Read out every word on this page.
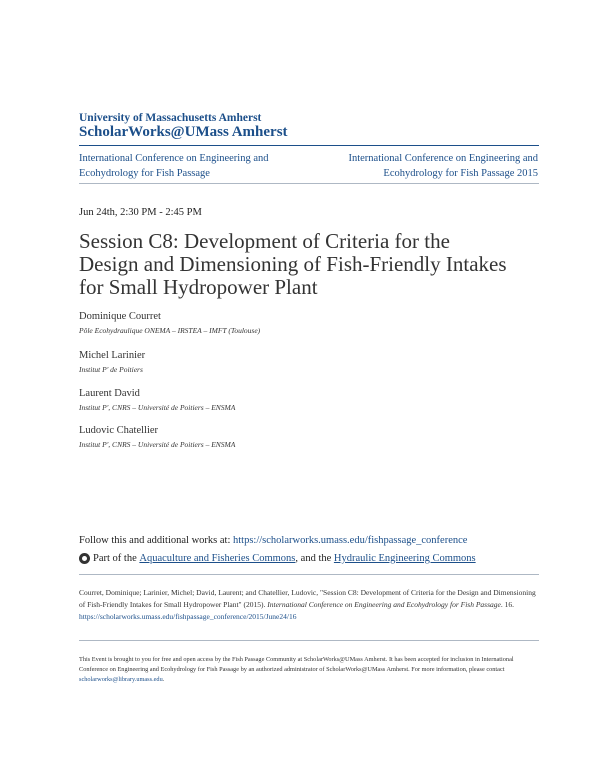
University of Massachusetts Amherst
ScholarWorks@UMass Amherst
International Conference on Engineering and
Ecohydrology for Fish Passage
International Conference on Engineering and
Ecohydrology for Fish Passage 2015
Jun 24th, 2:30 PM - 2:45 PM
Session C8: Development of Criteria for the
Design and Dimensioning of Fish-Friendly Intakes
for Small Hydropower Plant
Dominique Courret
Pôle Ecohydraulique ONEMA – IRSTEA – IMFT (Toulouse)
Michel Larinier
Institut P' de Poitiers
Laurent David
Institut P', CNRS – Université de Poitiers – ENSMA
Ludovic Chatellier
Institut P', CNRS – Université de Poitiers – ENSMA
Follow this and additional works at: https://scholarworks.umass.edu/fishpassage_conference
Part of the
Aquaculture and Fisheries Commons , and the
Hydraulic Engineering Commons
Courret, Dominique; Larinier, Michel; David, Laurent; and Chatellier, Ludovic, "Session C8: Development of Criteria for the Design and Dimensioning of Fish-Friendly Intakes for Small Hydropower Plant" (2015). International Conference on Engineering and Ecohydrology for Fish Passage. 16.
https://scholarworks.umass.edu/fishpassage_conference/2015/June24/16
This Event is brought to you for free and open access by the Fish Passage Community at ScholarWorks@UMass Amherst. It has been accepted for inclusion in International Conference on Engineering and Ecohydrology for Fish Passage by an authorized administrator of ScholarWorks@UMass Amherst. For more information, please contact scholarworks@library.umass.edu.
